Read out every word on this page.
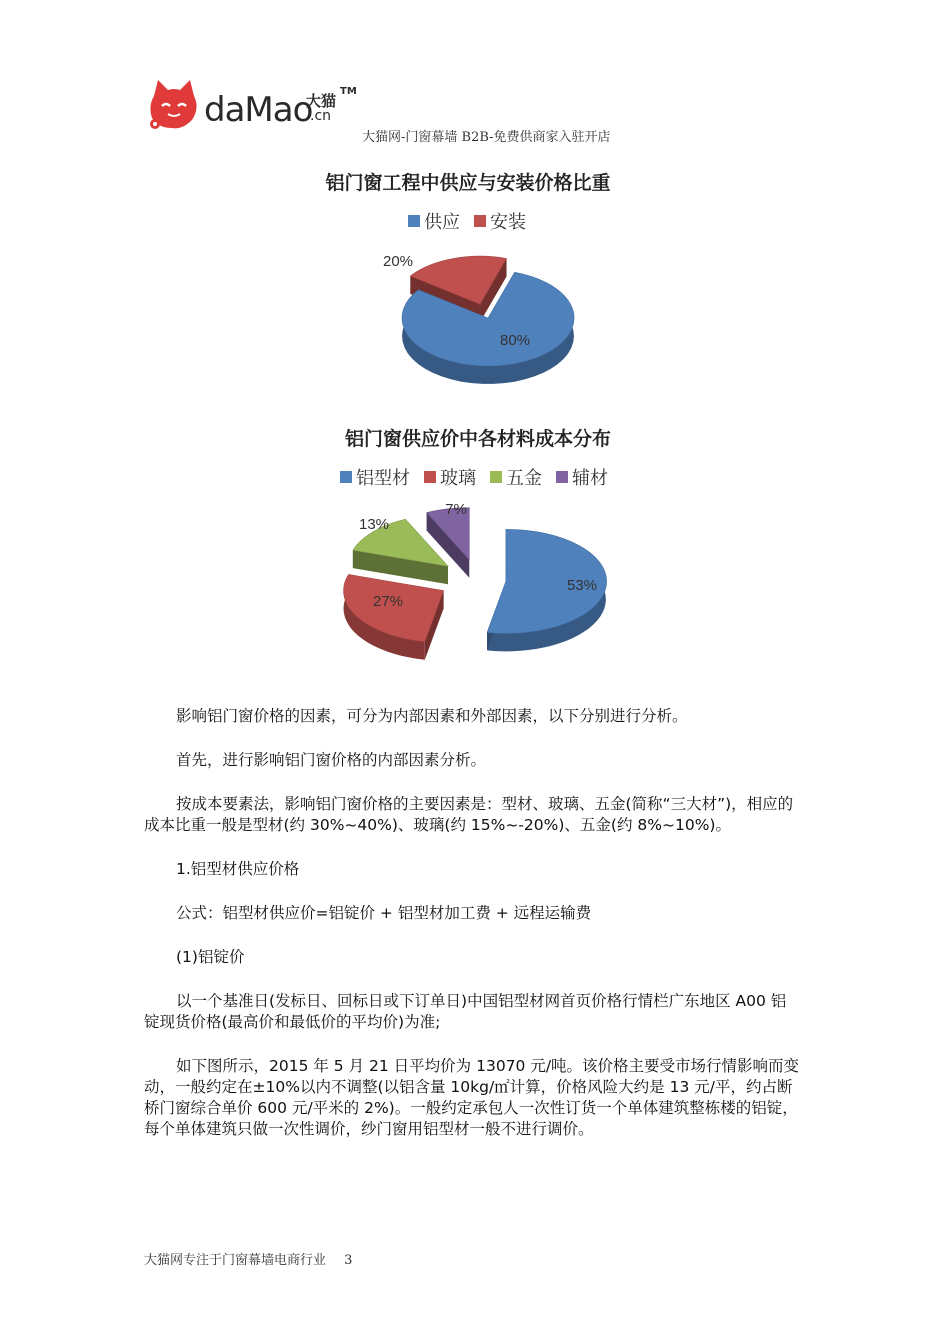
daMao
大猫
.cn
TM
大猫网-门窗幕墙 B2B-免费供商家入驻开店
铝门窗工程中供应与安装价格比重
供应 安装
80%
20%
铝门窗供应价中各材料成本分布
铝型材 玻璃 五金 辅材
53%
27%
13%
7%

影响铝门窗价格的因素，可分为内部因素和外部因素，以下分别进行分析。

首先，进行影响铝门窗价格的内部因素分析。

按成本要素法，影响铝门窗价格的主要因素是：型材、玻璃、五金(简称“三大材”)，相应的成本比重一般是型材(约 30%~40%)、玻璃(约 15%~-20%)、五金(约 8%~10%)。

1.铝型材供应价格

公式：铝型材供应价=铝锭价 + 铝型材加工费 + 远程运输费

(1)铝锭价

以一个基准日(发标日、回标日或下订单日)中国铝型材网首页价格行情栏广东地区 A00 铝锭现货价格(最高价和最低价的平均价)为准;

如下图所示，2015 年 5 月 21 日平均价为 13070 元/吨。该价格主要受市场行情影响而变动，一般约定在±10%以内不调整(以铝含量 10kg/㎡计算，价格风险大约是 13 元/平，约占断桥门窗综合单价 600 元/平米的 2%)。一般约定承包人一次性订货一个单体建筑整栋楼的铝锭，每个单体建筑只做一次性调价，纱门窗用铝型材一般不进行调价。

大猫网专注于门窗幕墙电商行业 3
